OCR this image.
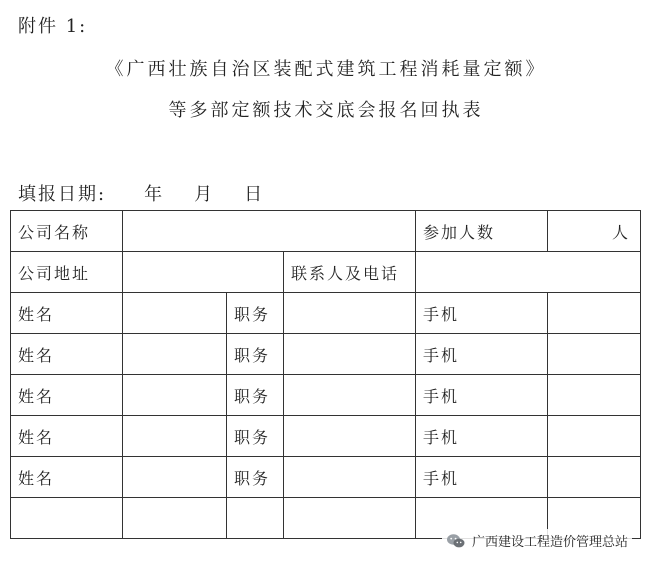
附件 1:
《广西壮族自治区装配式建筑工程消耗量定额》
等多部定额技术交底会报名回执表
填报日期: 年 月 日
公司名称				参加人数	人
公司地址			联系人及电话		
姓名		职务		手机	
姓名		职务		手机	
姓名		职务		手机	
姓名		职务		手机	
姓名		职务		手机	

广西建设工程造价管理总站
